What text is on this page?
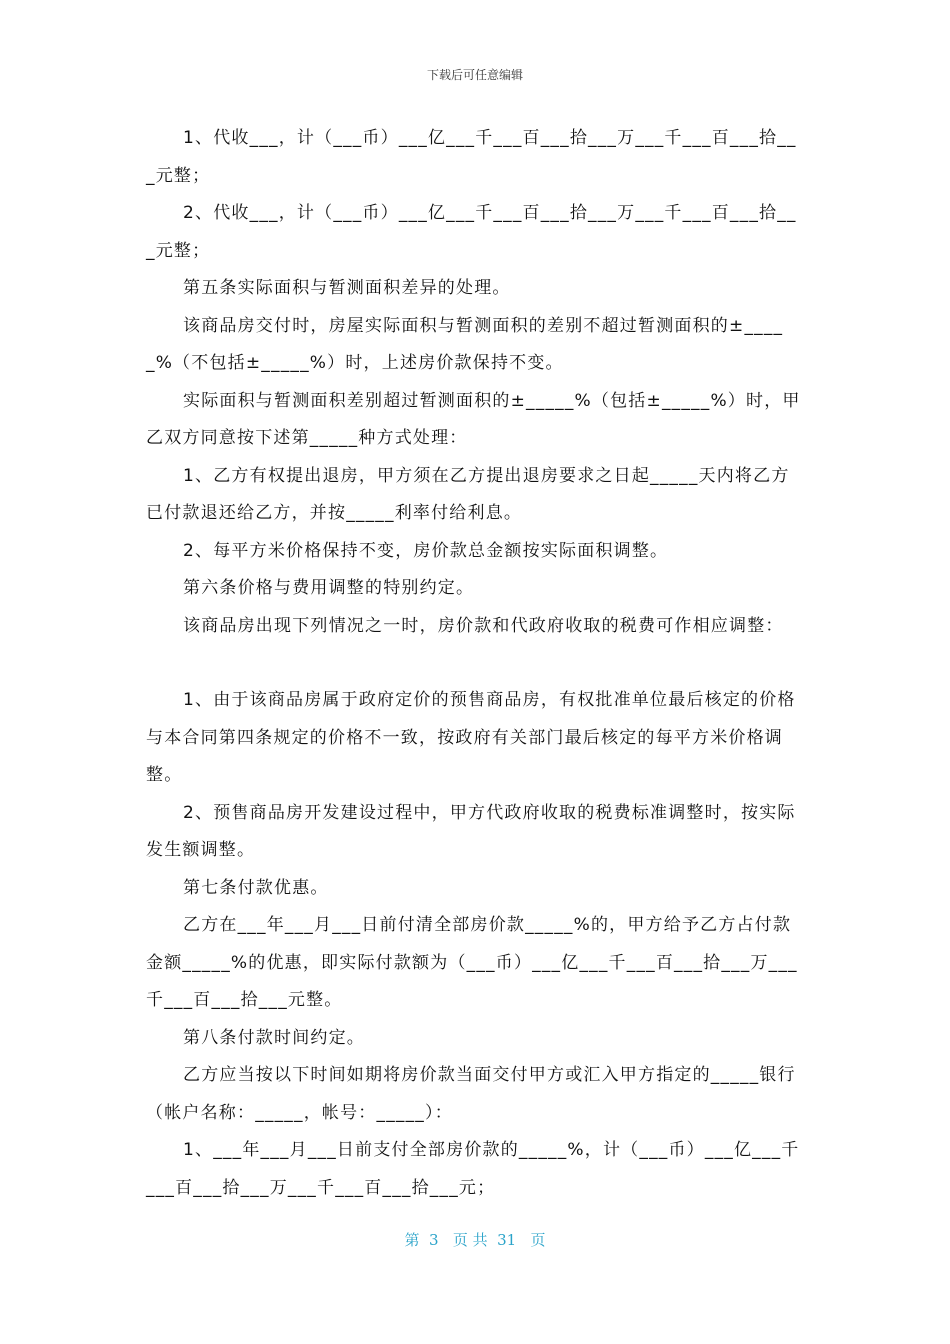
下载后可任意编辑

1、代收___，计（___币）___亿___千___百___拾___万___千___百___拾___元整；

2、代收___，计（___币）___亿___千___百___拾___万___千___百___拾___元整；

第五条实际面积与暂测面积差异的处理。

该商品房交付时，房屋实际面积与暂测面积的差别不超过暂测面积的±_____%（不包括±_____%）时，上述房价款保持不变。

实际面积与暂测面积差别超过暂测面积的±_____%（包括±_____%）时，甲乙双方同意按下述第_____种方式处理：

1、乙方有权提出退房，甲方须在乙方提出退房要求之日起_____天内将乙方已付款退还给乙方，并按_____利率付给利息。

2、每平方米价格保持不变，房价款总金额按实际面积调整。

第六条价格与费用调整的特别约定。

该商品房出现下列情况之一时，房价款和代政府收取的税费可作相应调整：

1、由于该商品房属于政府定价的预售商品房，有权批准单位最后核定的价格与本合同第四条规定的价格不一致，按政府有关部门最后核定的每平方米价格调整。

2、预售商品房开发建设过程中，甲方代政府收取的税费标准调整时，按实际发生额调整。

第七条付款优惠。

乙方在___年___月___日前付清全部房价款_____%的，甲方给予乙方占付款金额_____%的优惠，即实际付款额为（___币）___亿___千___百___拾___万___千___百___拾___元整。

第八条付款时间约定。

乙方应当按以下时间如期将房价款当面交付甲方或汇入甲方指定的_____银行（帐户名称：_____，帐号：_____）：

1、___年___月___日前支付全部房价款的_____%，计（___币）___亿___千___百___拾___万___千___百___拾___元；

第  3   页 共  31   页
